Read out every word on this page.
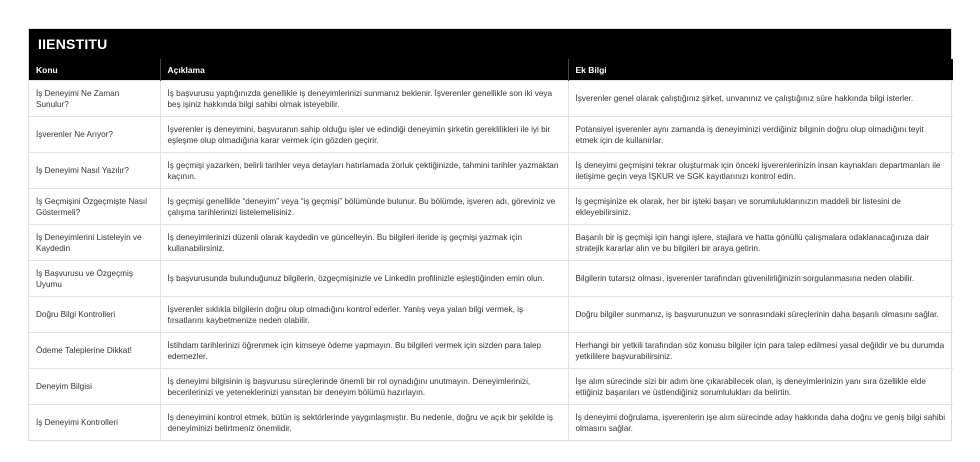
IIENSTITU
Konu	Açıklama	Ek Bilgi
İş Deneyimi Ne Zaman Sunulur?	İş başvurusu yaptığınızda genellikle iş deneyimlerinizi sunmanız beklenir. İşverenler genellikle son iki veya beş işiniz hakkında bilgi sahibi olmak isteyebilir.	İşverenler genel olarak çalıştığınız şirket, unvanınız ve çalıştığınız süre hakkında bilgi isterler.
İşverenler Ne Arıyor?	İşverenler iş deneyimini, başvuranın sahip olduğu işler ve edindiği deneyimin şirketin gereklilikleri ile iyi bir eşleşme olup olmadığına karar vermek için gözden geçirir.	Potansiyel işverenler aynı zamanda iş deneyiminizi verdiğiniz bilginin doğru olup olmadığını teyit etmek için de kullanırlar.
İş Deneyimi Nasıl Yazılır?	İş geçmişi yazarken, belirli tarihler veya detayları hatırlamada zorluk çektiğinizde, tahmini tarihler yazmaktan kaçının.	İş deneyimi geçmişini tekrar oluşturmak için önceki işverenlerinizin insan kaynakları departmanları ile iletişime geçin veya İŞKUR ve SGK kayıtlarınızı kontrol edin.
İş Geçmişini Özgeçmişte Nasıl Göstermeli?	İş geçmişi genellikle “deneyim” veya “iş geçmişi” bölümünde bulunur. Bu bölümde, işveren adı, göreviniz ve çalışma tarihlerinizi listelemelisiniz.	İş geçmişinize ek olarak, her bir işteki başarı ve sorumluluklarınızın maddeli bir listesini de ekleyebilirsiniz.
İş Deneyimlerini Listeleyin ve Kaydedin	İş deneyimlerinizi düzenli olarak kaydedin ve güncelleyin. Bu bilgileri ileride iş geçmişi yazmak için kullanabilirsiniz.	Başarılı bir iş geçmişi için hangi işlere, stajlara ve hatta gönüllü çalışmalara odaklanacağınıza dair stratejik kararlar alın ve bu bilgileri bir araya getirin.
İş Başvurusu ve Özgeçmiş Uyumu	İş başvurusunda bulunduğunuz bilgilerin, özgeçmişinizle ve LinkedIn profilinizle eşleştiğinden emin olun.	Bilgilerin tutarsız olması, işverenler tarafından güvenilirliğinizin sorgulanmasına neden olabilir.
Doğru Bilgi Kontrolleri	İşverenler sıklıkla bilgilerin doğru olup olmadığını kontrol ederler. Yanlış veya yalan bilgi vermek, iş fırsatlarını kaybetmenize neden olabilir.	Doğru bilgiler sunmanız, iş başvurunuzun ve sonrasındaki süreçlerinin daha başarılı olmasını sağlar.
Ödeme Taleplerine Dikkat!	İstihdam tarihlerinizi öğrenmek için kimseye ödeme yapmayın. Bu bilgileri vermek için sizden para talep edemezler.	Herhangi bir yetkili tarafından söz konusu bilgiler için para talep edilmesi yasal değildir ve bu durumda yetkililere başvurabilirsiniz.
Deneyim Bilgisi	İş deneyimi bilgisinin iş başvurusu süreçlerinde önemli bir rol oynadığını unutmayın. Deneyimlerinizi, becerilerinizi ve yeteneklerinizi yansıtan bir deneyim bölümü hazırlayın.	İşe alım sürecinde sizi bir adım öne çıkarabilecek olan, iş deneyimlerinizin yanı sıra özellikle elde ettiğiniz başarıları ve üstlendiğiniz sorumlulukları da belirtin.
İş Deneyimi Kontrolleri	İş deneyimini kontrol etmek, bütün iş sektörlerinde yaygınlaşmıştır. Bu nedenle, doğru ve açık bir şekilde iş deneyiminizi belirtmeniz önemlidir.	İş deneyimi doğrulama, işverenlerin işe alım sürecinde aday hakkında daha doğru ve geniş bilgi sahibi olmasını sağlar.
